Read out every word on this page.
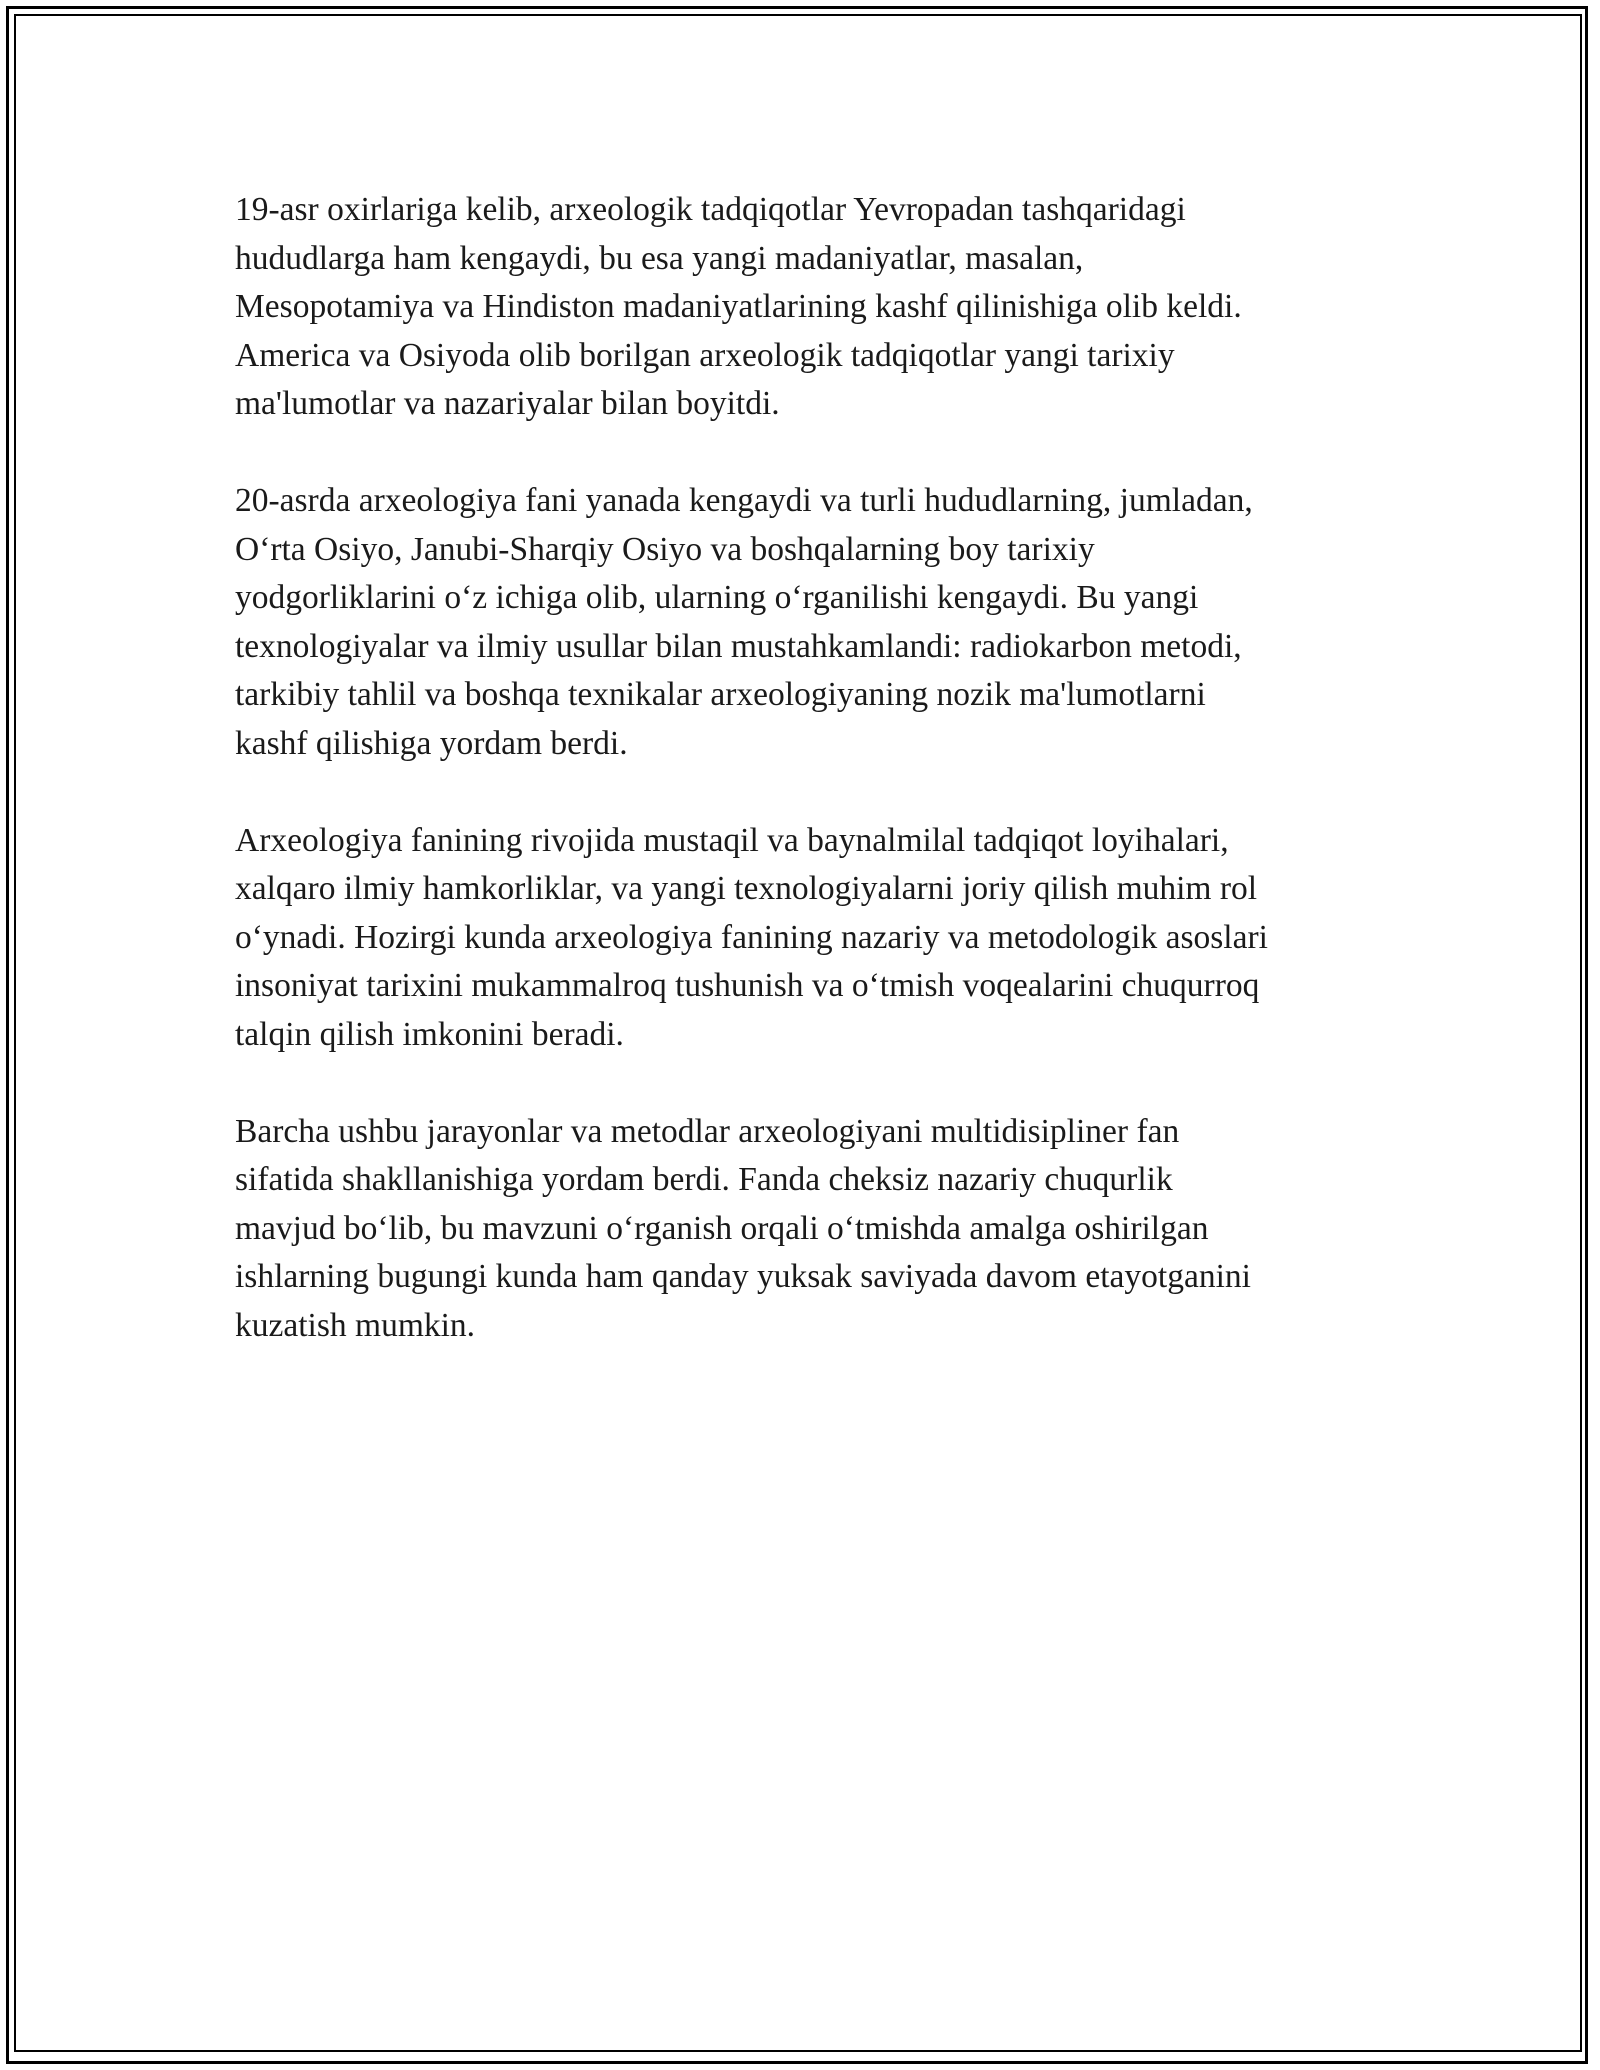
19-asr oxirlariga kelib, arxeologik tadqiqotlar Yevropadan tashqaridagi
hududlarga ham kengaydi, bu esa yangi madaniyatlar, masalan,
Mesopotamiya va Hindiston madaniyatlarining kashf qilinishiga olib keldi.
America va Osiyoda olib borilgan arxeologik tadqiqotlar yangi tarixiy
ma'lumotlar va nazariyalar bilan boyitdi.

20-asrda arxeologiya fani yanada kengaydi va turli hududlarning, jumladan,
O‘rta Osiyo, Janubi-Sharqiy Osiyo va boshqalarning boy tarixiy
yodgorliklarini o‘z ichiga olib, ularning o‘rganilishi kengaydi. Bu yangi
texnologiyalar va ilmiy usullar bilan mustahkamlandi: radiokarbon metodi,
tarkibiy tahlil va boshqa texnikalar arxeologiyaning nozik ma'lumotlarni
kashf qilishiga yordam berdi.

Arxeologiya fanining rivojida mustaqil va baynalmilal tadqiqot loyihalari,
xalqaro ilmiy hamkorliklar, va yangi texnologiyalarni joriy qilish muhim rol
o‘ynadi. Hozirgi kunda arxeologiya fanining nazariy va metodologik asoslari
insoniyat tarixini mukammalroq tushunish va o‘tmish voqealarini chuqurroq
talqin qilish imkonini beradi.

Barcha ushbu jarayonlar va metodlar arxeologiyani multidisipliner fan
sifatida shakllanishiga yordam berdi. Fanda cheksiz nazariy chuqurlik
mavjud bo‘lib, bu mavzuni o‘rganish orqali o‘tmishda amalga oshirilgan
ishlarning bugungi kunda ham qanday yuksak saviyada davom etayotganini
kuzatish mumkin.
